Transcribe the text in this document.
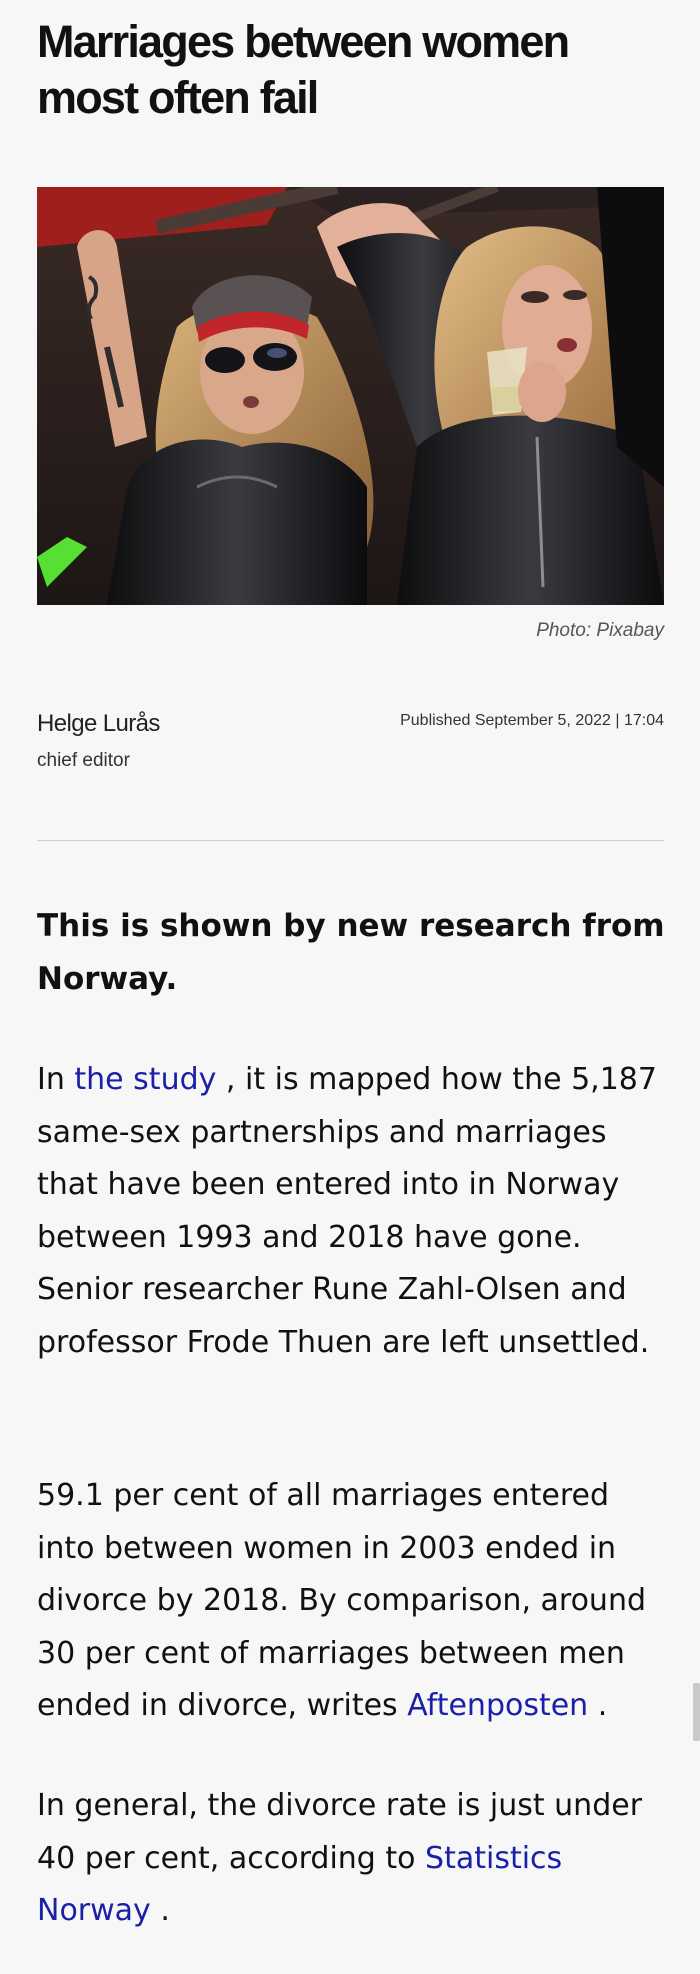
Marriages between women most often fail
Photo: Pixabay
Helge Lurås
chief editor
Published September 5, 2022 | 17:04

This is shown by new research from Norway.

In the study , it is mapped how the 5,187 same-sex partnerships and marriages that have been entered into in Norway between 1993 and 2018 have gone. Senior researcher Rune Zahl-Olsen and professor Frode Thuen are left unsettled.

59.1 per cent of all marriages entered into between women in 2003 ended in divorce by 2018. By comparison, around 30 per cent of marriages between men ended in divorce, writes Aftenposten .

In general, the divorce rate is just under 40 per cent, according to Statistics Norway .
